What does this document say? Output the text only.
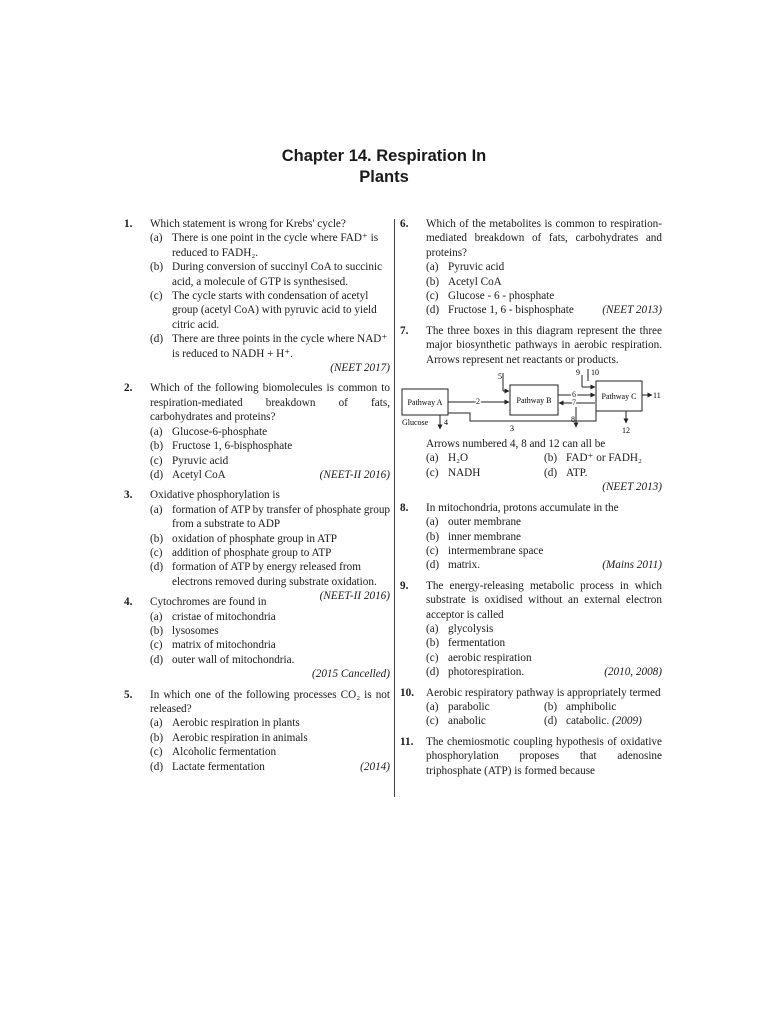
Chapter 14. Respiration In
Plants
1. Which statement is wrong for Krebs' cycle?
(a) There is one point in the cycle where FAD⁺ is reduced to FADH₂.
(b) During conversion of succinyl CoA to succinic acid, a molecule of GTP is synthesised.
(c) The cycle starts with condensation of acetyl group (acetyl CoA) with pyruvic acid to yield citric acid.
(d) There are three points in the cycle where NAD⁺ is reduced to NADH + H⁺.
(NEET 2017)
2. Which of the following biomolecules is common to respiration-mediated breakdown of fats, carbohydrates and proteins?
(a) Glucose-6-phosphate
(b) Fructose 1, 6-bisphosphate
(c) Pyruvic acid
(d) Acetyl CoA	(NEET-II 2016)
3. Oxidative phosphorylation is
(a) formation of ATP by transfer of phosphate group from a substrate to ADP
(b) oxidation of phosphate group in ATP
(c) addition of phosphate group to ATP
(d) formation of ATP by energy released from electrons removed during substrate oxidation.
(NEET-II 2016)
4. Cytochromes are found in
(a) cristae of mitochondria
(b) lysosomes
(c) matrix of mitochondria
(d) outer wall of mitochondria.
(2015 Cancelled)
5. In which one of the following processes CO₂ is not released?
(a) Aerobic respiration in plants
(b) Aerobic respiration in animals
(c) Alcoholic fermentation
(d) Lactate fermentation	(2014)
6. Which of the metabolites is common to respiration-mediated breakdown of fats, carbohydrates and proteins?
(a) Pyruvic acid
(b) Acetyl CoA
(c) Glucose - 6 - phosphate
(d) Fructose 1, 6 - bisphosphate	(NEET 2013)
7. The three boxes in this diagram represent the three major biosynthetic pathways in aerobic respiration. Arrows represent net reactants or products.
Pathway A	Pathway B	Pathway C
Glucose
2
4
5
6
7
8
3
9 10
11
12
Arrows numbered 4, 8 and 12 can all be
(a) H₂O	(b) FAD⁺ or FADH₂
(c) NADH	(d) ATP.
(NEET 2013)
8. In mitochondria, protons accumulate in the
(a) outer membrane
(b) inner membrane
(c) intermembrane space
(d) matrix.	(Mains 2011)
9. The energy-releasing metabolic process in which substrate is oxidised without an external electron acceptor is called
(a) glycolysis
(b) fermentation
(c) aerobic respiration
(d) photorespiration.	(2010, 2008)
10. Aerobic respiratory pathway is appropriately termed
(a) parabolic	(b) amphibolic
(c) anabolic	(d) catabolic. (2009)
11. The chemiosmotic coupling hypothesis of oxidative phosphorylation proposes that adenosine triphosphate (ATP) is formed because
